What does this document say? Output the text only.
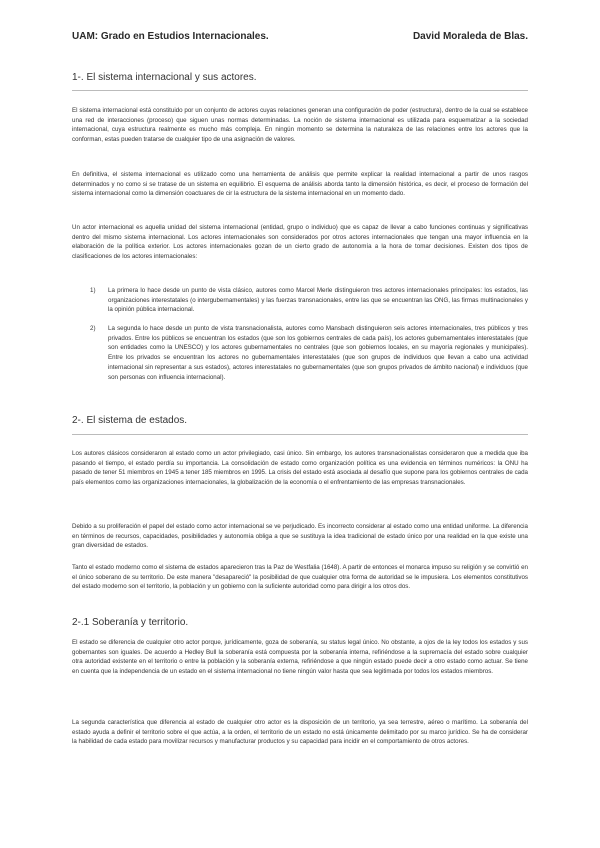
UAM: Grado en Estudios Internacionales.	David Moraleda de Blas.
1-. El sistema internacional y sus actores.

El sistema internacional está constituido por un conjunto de actores cuyas relaciones generan una configuración de poder (estructura), dentro de la cual se establece una red de interacciones (proceso) que siguen unas normas determinadas. La noción de sistema internacional es utilizada para esquematizar a la sociedad internacional, cuya estructura realmente es mucho más compleja. En ningún momento se determina la naturaleza de las relaciones entre los actores que la conforman, estas pueden tratarse de cualquier tipo de una asignación de valores.

En definitiva, el sistema internacional es utilizado como una herramienta de análisis que permite explicar la realidad internacional a partir de unos rasgos determinados y no como si se tratase de un sistema en equilibrio. El esquema de análisis aborda tanto la dimensión histórica, es decir, el proceso de formación del sistema internacional como la dimensión coactuares de cir la estructura de la sistema internacional en un momento dado.

Un actor internacional es aquella unidad del sistema internacional (entidad, grupo o individuo) que es capaz de llevar a cabo funciones continuas y significativas dentro del mismo sistema internacional. Los actores internacionales son considerados por otros actores internacionales que tengan una mayor influencia en la elaboración de la política exterior. Los actores internacionales gozan de un cierto grado de autonomía a la hora de tomar decisiones. Existen dos tipos de clasificaciones de los actores internacionales:

1) La primera lo hace desde un punto de vista clásico, autores como Marcel Merle distinguieron tres actores internacionales principales: los estados, las organizaciones interestatales (o intergubernamentales) y las fuerzas transnacionales, entre las que se encuentran las ONG, las firmas multinacionales y la opinión pública internacional.
2) La segunda lo hace desde un punto de vista transnacionalista, autores como Mansbach distinguieron seis actores internacionales, tres públicos y tres privados. Entre los públicos se encuentran los estados (que son los gobiernos centrales de cada país), los actores gubernamentales interestatales (que son entidades como la UNESCO) y los actores gubernamentales no centrales (que son gobiernos locales, en su mayoría regionales y municipales). Entre los privados se encuentran los actores no gubernamentales interestatales (que son grupos de individuos que llevan a cabo una actividad internacional sin representar a sus estados), actores interestatales no gubernamentales (que son grupos privados de ámbito nacional) e individuos (que son personas con influencia internacional).
2-. El sistema de estados.

Los autores clásicos consideraron al estado como un actor privilegiado, casi único. Sin embargo, los autores transnacionalistas consideraron que a medida que iba pasando el tiempo, el estado perdía su importancia. La consolidación de estado como organización política es una evidencia en términos numéricos: la ONU ha pasado de tener 51 miembros en 1945 a tener 185 miembros en 1995. La crisis del estado está asociada al desafío que supone para los gobiernos centrales de cada país elementos como las organizaciones internacionales, la globalización de la economía o el enfrentamiento de las empresas transnacionales.

Debido a su proliferación el papel del estado como actor internacional se ve perjudicado. Es incorrecto considerar al estado como una entidad uniforme. La diferencia en términos de recursos, capacidades, posibilidades y autonomía obliga a que se sustituya la idea tradicional de estado único por una realidad en la que existe una gran diversidad de estados.

Tanto el estado moderno como el sistema de estados aparecieron tras la Paz de Westfalia (1648). A partir de entonces el monarca impuso su religión y se convirtió en el único soberano de su territorio. De este manera "desapareció" la posibilidad de que cualquier otra forma de autoridad se le impusiera. Los elementos constitutivos del estado moderno son el territorio, la población y un gobierno con la suficiente autoridad como para dirigir a los otros dos.

2-.1 Soberanía y territorio.

El estado se diferencia de cualquier otro actor porque, jurídicamente, goza de soberanía, su status legal único. No obstante, a ojos de la ley todos los estados y sus gobernantes son iguales. De acuerdo a Hedley Bull la soberanía está compuesta por la soberanía interna, refiriéndose a la supremacía del estado sobre cualquier otra autoridad existente en el territorio o entre la población y la soberanía externa, refiriéndose a que ningún estado puede decir a otro estado como actuar. Se tiene en cuenta que la independencia de un estado en el sistema internacional no tiene ningún valor hasta que sea legitimada por todos los estados miembros.

La segunda característica que diferencia al estado de cualquier otro actor es la disposición de un territorio, ya sea terrestre, aéreo o marítimo. La soberanía del estado ayuda a definir el territorio sobre el que actúa, a la orden, el territorio de un estado no está únicamente delimitado por su marco jurídico. Se ha de considerar la habilidad de cada estado para movilizar recursos y manufacturar productos y su capacidad para incidir en el comportamiento de otros actores.
